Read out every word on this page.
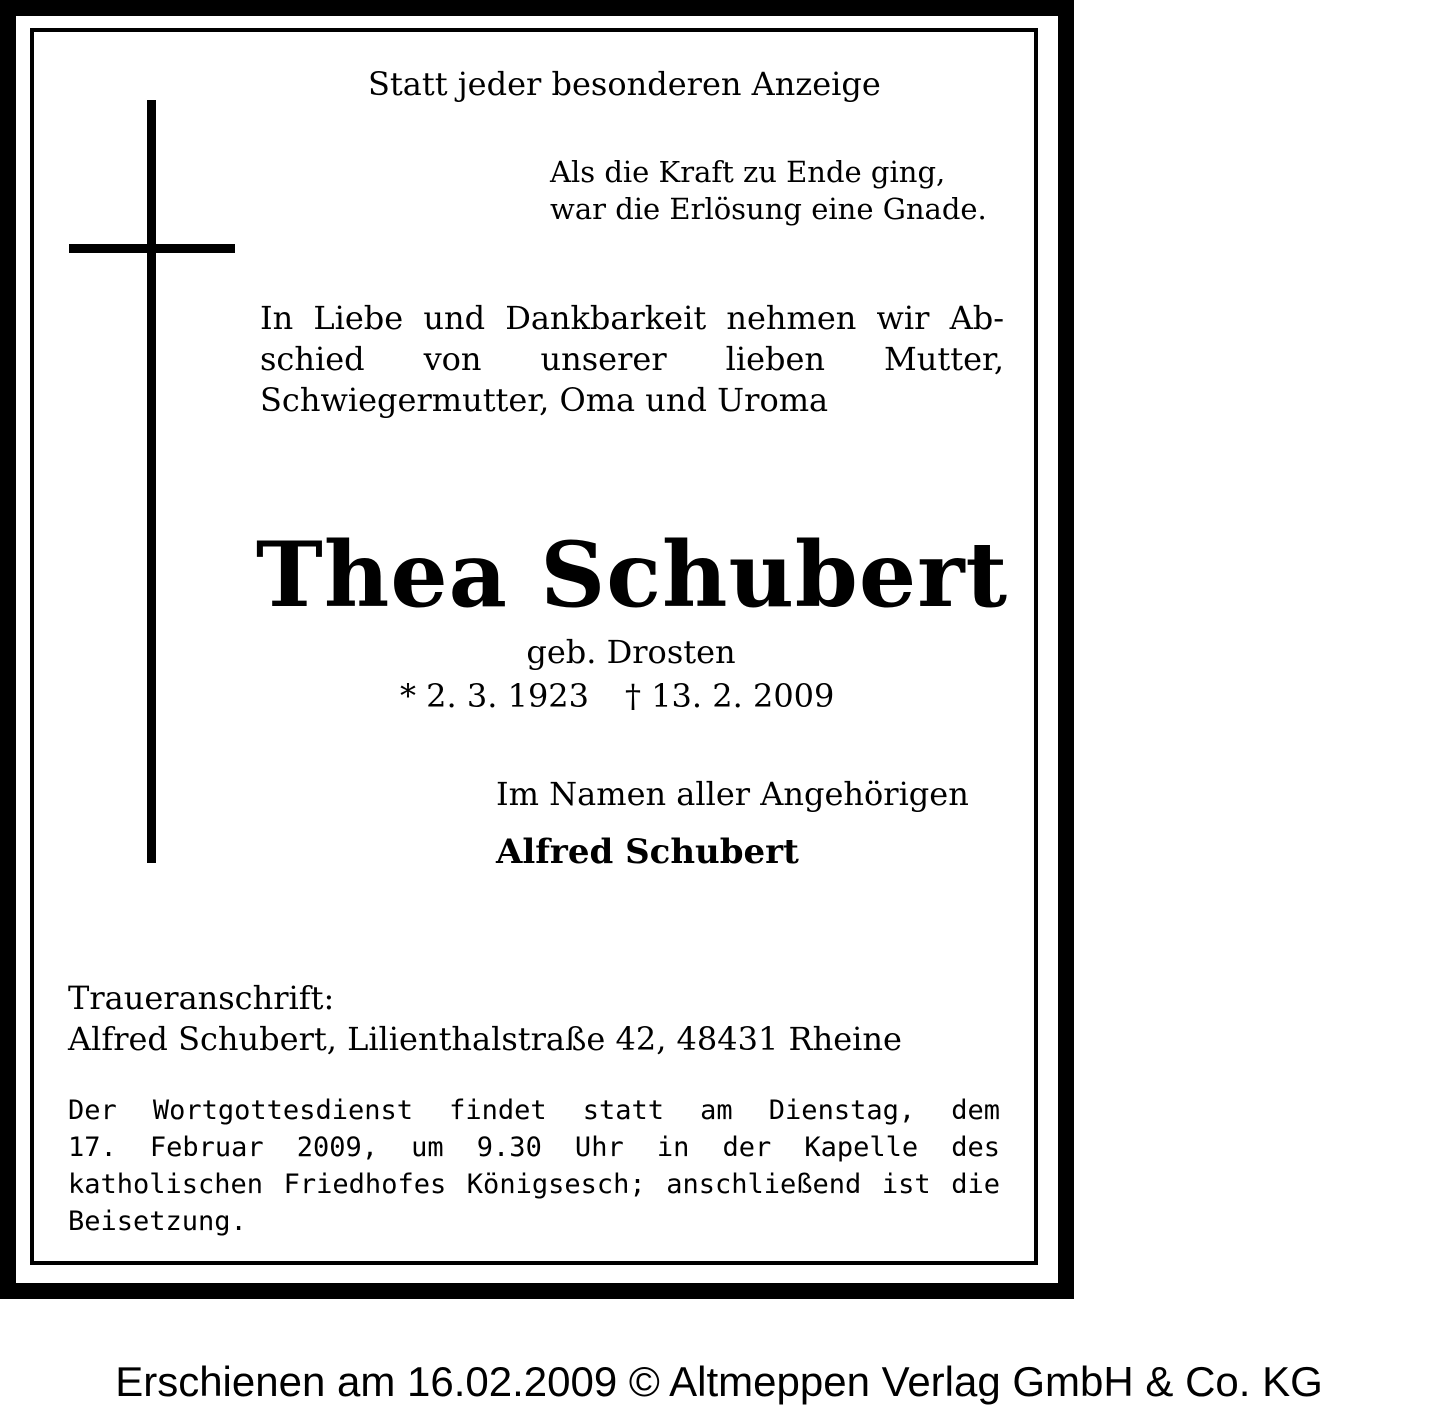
Statt jeder besonderen Anzeige
Als die Kraft zu Ende ging,
war die Erlösung eine Gnade.
In Liebe und Dankbarkeit nehmen wir Ab-
schied von unserer lieben Mutter,
Schwiegermutter, Oma und Uroma
Thea Schubert
geb. Drosten
* 2. 3. 1923 † 13. 2. 2009
Im Namen aller Angehörigen
Alfred Schubert
Traueranschrift:
Alfred Schubert, Lilienthalstraße 42, 48431 Rheine
Der Wortgottesdienst findet statt am Dienstag, dem
17. Februar 2009, um 9.30 Uhr in der Kapelle des
katholischen Friedhofes Königsesch; anschließend ist die
Beisetzung.
Erschienen am 16.02.2009 © Altmeppen Verlag GmbH & Co. KG
